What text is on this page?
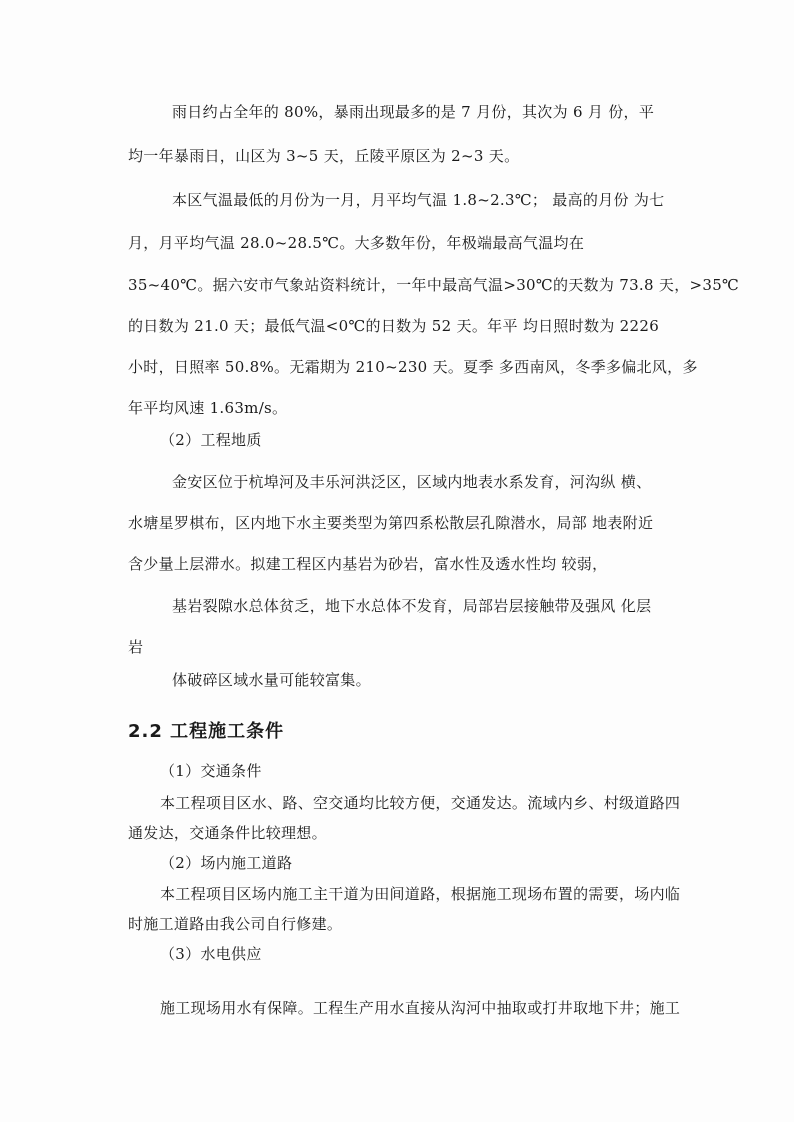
雨日约占全年的 80%，暴雨出现最多的是 7 月份，其次为 6 月 份，平
均一年暴雨日，山区为 3~5 天，丘陵平原区为 2~3 天。
本区气温最低的月份为一月，月平均气温 1.8~2.3℃； 最高的月份 为七
月，月平均气温 28.0~28.5℃。大多数年份，年极端最高气温均在
35~40℃。据六安市气象站资料统计，一年中最高气温>30℃的天数为 73.8 天，>35℃
的日数为 21.0 天；最低气温<0℃的日数为 52 天。年平 均日照时数为 2226
小时，日照率 50.8%。无霜期为 210~230 天。夏季 多西南风，冬季多偏北风，多
年平均风速 1.63m/s。
（2）工程地质
金安区位于杭埠河及丰乐河洪泛区，区域内地表水系发育，河沟纵 横、
水塘星罗棋布，区内地下水主要类型为第四系松散层孔隙潜水，局部 地表附近
含少量上层滞水。拟建工程区内基岩为砂岩，富水性及透水性均 较弱，
基岩裂隙水总体贫乏，地下水总体不发育，局部岩层接触带及强风 化层
岩
体破碎区域水量可能较富集。
2.2 工程施工条件
（1）交通条件
本工程项目区水、路、空交通均比较方便，交通发达。流域内乡、村级道路四
通发达，交通条件比较理想。
（2）场内施工道路
本工程项目区场内施工主干道为田间道路，根据施工现场布置的需要，场内临
时施工道路由我公司自行修建。
（3）水电供应
施工现场用水有保障。工程生产用水直接从沟河中抽取或打井取地下井；施工
